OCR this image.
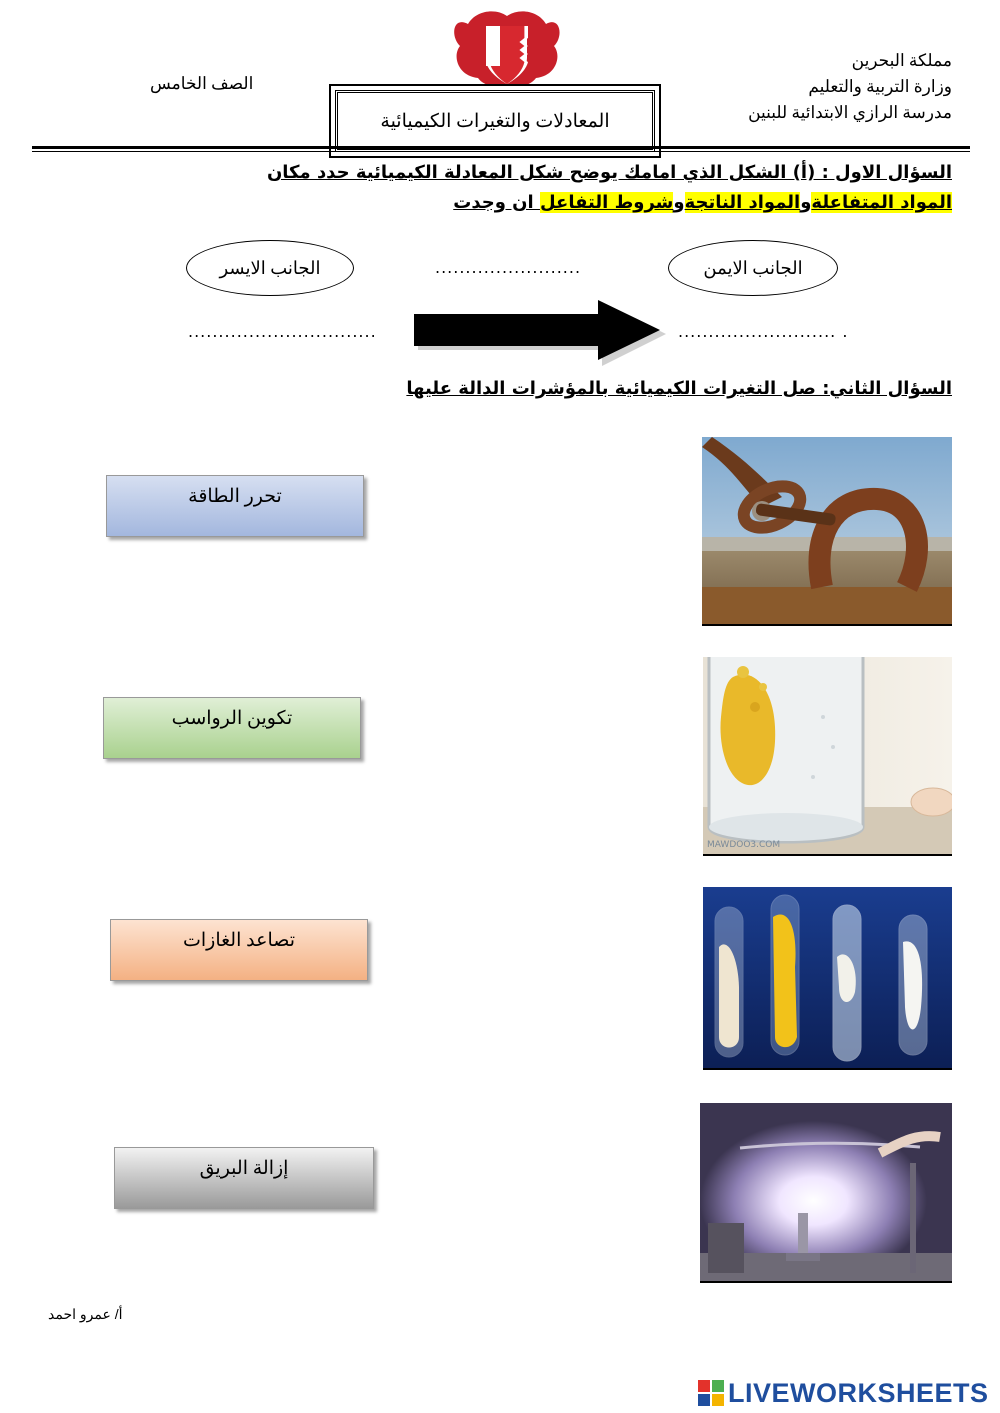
مملكة البحرين
وزارة التربية والتعليم
مدرسة الرازي الابتدائية للبنين
الصف الخامس
المعادلات والتغيرات الكيميائية
السؤال الاول : (أ) الشكل الذي امامك يوضح شكل المعادلة الكيميائية حدد مكان
المواد المتفاعلةوالمواد الناتجةوشروط التفاعل ان وجدت
الجانب الايمن
الجانب الايسر	........................
...............................	.......................... .
السؤال الثاني: صل التغيرات الكيميائية بالمؤشرات الدالة عليها
تحرر الطاقة
تكوين الرواسب
تصاعد الغازات
إزالة البريق
MAWDOO3.COM
أ/ عمرو احمد
LIVEWORKSHEETS
